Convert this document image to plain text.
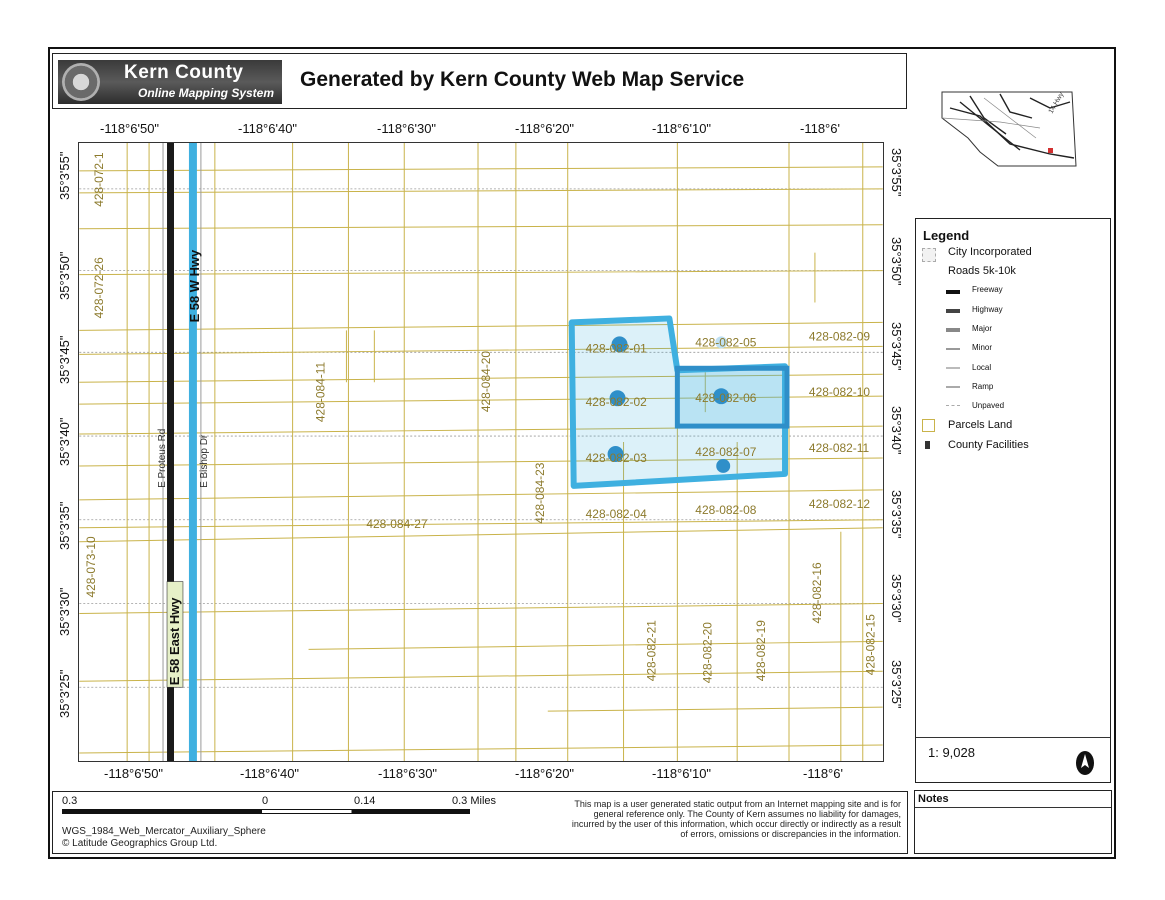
Kern County
Online Mapping System
Generated by Kern County Web Map Service
-118°6'50"	-118°6'40"	-118°6'30"	-118°6'20"	-118°6'10"	-118°6'
-118°6'50"	-118°6'40"	-118°6'30"	-118°6'20"	-118°6'10"	-118°6'
35°3'55"
35°3'50"
35°3'45"
35°3'40"
35°3'35"
35°3'30"
35°3'25"
35°3'55"
35°3'50"
35°3'45"
35°3'40"
35°3'35"
35°3'30"
35°3'25"
428-082-01
428-082-02
428-082-03
428-082-04
428-082-05
428-082-06
428-082-07
428-082-08
428-082-09
428-082-10
428-082-11
428-082-12
428-084-27
428-072-1
428-072-26
428-073-10
428-084-11	428-084-20
428-084-23
428-082-21	428-082-20	428-082-19
428-082-16
428-082-15
E Proteus Rd	E Bishop Dr
E 58 East Hwy
E 58 W Hwy
14 Hwy
Legend
City Incorporated
Roads 5k-10k
Freeway
Highway
Major
Minor
Local
Ramp
Unpaved
Parcels Land
County Facilities
1: 9,028
Notes
0.3	0	0.14	0.3 Miles
WGS_1984_Web_Mercator_Auxiliary_Sphere
© Latitude Geographics Group Ltd.
This map is a user generated static output from an Internet mapping site and is for general reference only. The County of Kern assumes no liability for damages, incurred by the user of this information, which occur directly or indirectly as a result of errors, omissions or discrepancies in the information.
